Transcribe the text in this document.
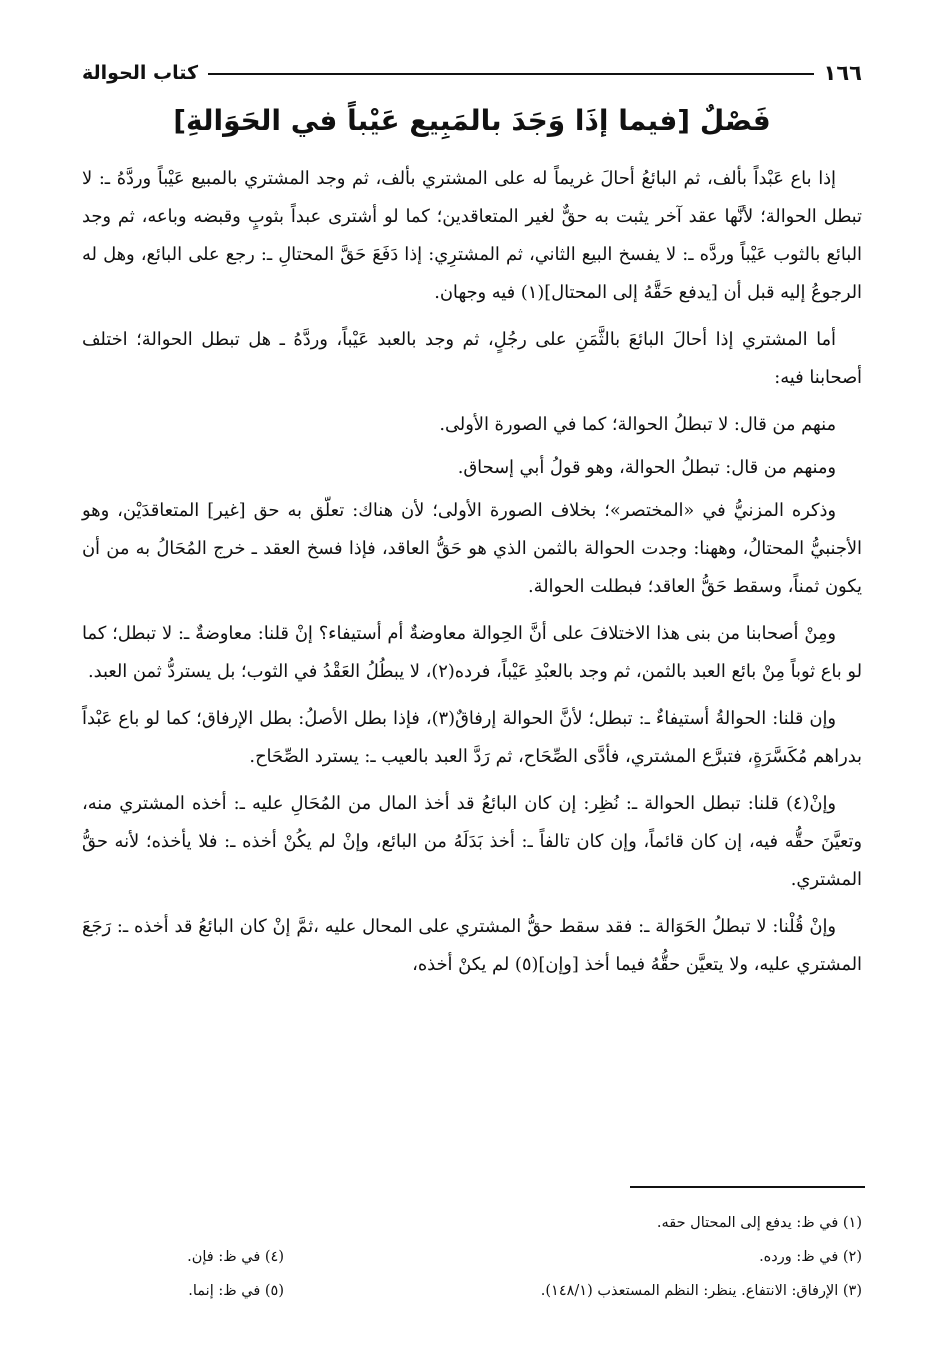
١٦٦
كتاب الحوالة
فَصْلٌ [فيما إذَا وَجَدَ بالمَبِيع عَيْباً في الحَوَالةِ]

إذا باع عَبْداً بألف، ثم البائعُ أحالَ غريماً له على المشتري بألف، ثم وجد المشتري بالمبيع عَيْباً وردَّهُ ـ: لا تبطل الحوالة؛ لأنَّها عقد آخر يثبت به حقٌّ لغير المتعاقدين؛ كما لو أشترى عبداً بثوبٍ وقبضه وباعه، ثم وجد البائع بالثوب عَيْباً وردَّه ـ: لا يفسخ البيع الثاني، ثم المشترِي: إذا دَفَعَ حَقَّ المحتالِ ـ: رجع على البائع، وهل له الرجوعُ إليه قبل أن [يدفع حَقَّهُ إلى المحتال](١) فيه وجهان.

أما المشتري إذا أحالَ البائعَ بالثَّمَنِ على رجُلٍ، ثم وجد بالعبد عَيْباً، وردَّهُ ـ هل تبطل الحوالة؛ اختلف أصحابنا فيه:

منهم من قال: لا تبطلُ الحوالة؛ كما في الصورة الأولى.

ومنهم من قال: تبطلُ الحوالة، وهو قولُ أبي إسحاق.

وذكره المزنيُّ في «المختصر»؛ بخلاف الصورة الأولى؛ لأن هناك: تعلّق به حق [غير] المتعاقدَيْن، وهو الأجنبيُّ المحتالُ، وههنا: وجدت الحوالة بالثمن الذي هو حَقُّ العاقد، فإذا فسخ العقد ـ خرج المُحَالُ به من أن يكون ثمناً، وسقط حَقُّ العاقد؛ فبطلت الحوالة.

ومِنْ أصحابنا من بنى هذا الاختلافَ على أنَّ الحِوالة معاوضةٌ أم أستيفاء؟ إنْ قلنا: معاوضةٌ ـ: لا تبطل؛ كما لو باع ثوباً مِنْ بائع العبد بالثمن، ثم وجد بالعبْدِ عَيْباً، فرده(٢)، لا يبطُلُ العَقْدُ في الثوب؛ بل يستردُّ ثمن العبد.

وإن قلنا: الحوالةُ أستيفاءٌ ـ: تبطل؛ لأنَّ الحوالة إرفاقٌ(٣)، فإذا بطل الأصلُ: بطل الإرفاق؛ كما لو باع عَبْداً بدراهم مُكَسَّرَةٍ، فتبرَّع المشتري، فأدَّى الصِّحَاح، ثم رَدَّ العبد بالعيب ـ: يسترد الصِّحَاح.

وإنْ(٤) قلنا: تبطل الحوالة ـ: نُظِر: إن كان البائعُ قد أخذ المال من المُحَالِ عليه ـ: أخذه المشتري منه، وتعيَّنَ حقُّه فيه، إن كان قائماً، وإن كان تالفاً ـ: أخذ بَدَلَهُ من البائع، وإنْ لم يكُنْ أخذه ـ: فلا يأخذه؛ لأنه حقُّ المشتري.

وإنْ قُلْنا: لا تبطلُ الحَوَالة ـ: فقد سقط حقُّ المشتري على المحال عليه ،ثمَّ إنْ كان البائعُ قد أخذه ـ: رَجَعَ المشتري عليه، ولا يتعيَّن حقُّهُ فيما أخذ [وإن](٥) لم يكنْ أخذه،

(١) في ظ: يدفع إلى المحتال حقه.
(٢) في ظ: ورده.
(٣) الإرفاق: الانتفاع. ينظر: النظم المستعذب (١٤٨/١).
(٤) في ظ: فإن.
(٥) في ظ: إنما.
